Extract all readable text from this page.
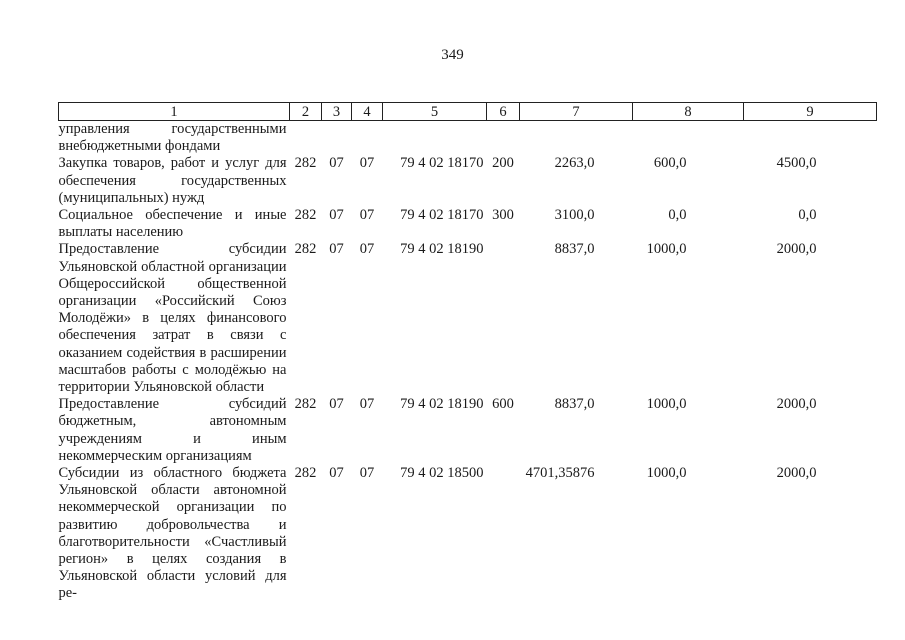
349
1	2	3	4	5	6	7	8	9
управления государственными внебюджетными фондами								
Закупка товаров, работ и услуг для обеспечения государственных (муниципальных) нужд	282	07	07	79 4 02 18170	200	2263,0	600,0	4500,0
Социальное обеспечение и иные выплаты населению	282	07	07	79 4 02 18170	300	3100,0	0,0	0,0
Предоставление субсидии Ульяновской областной организации Общероссийской общественной организации «Российский Союз Молодёжи» в целях финансового обеспечения затрат в связи с оказанием содействия в расширении масштабов работы с молодёжью на территории Ульяновской области	282	07	07	79 4 02 18190		8837,0	1000,0	2000,0
Предоставление субсидий бюджетным, автономным учреждениям и иным некоммерческим организациям	282	07	07	79 4 02 18190	600	8837,0	1000,0	2000,0
Субсидии из областного бюджета Ульяновской области автономной некоммерческой организации по развитию добровольчества и благотворительности «Счастливый регион» в целях создания в Ульяновской области условий для ре-	282	07	07	79 4 02 18500		4701,35876	1000,0	2000,0
